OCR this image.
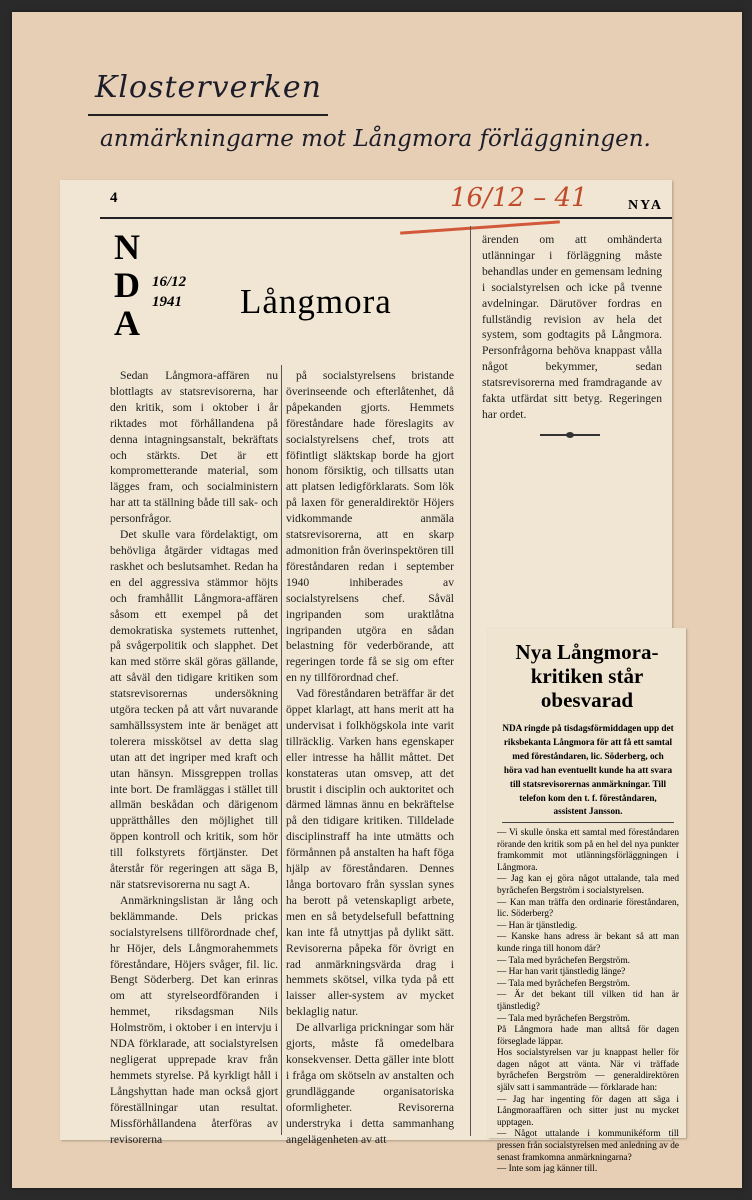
Klosterverken
anmärkningarne mot Långmora förläggningen.
16/12 – 41
4	NYA
N
D
A
16/12
1941 Långmora

Sedan Långmora-affären nu blottlagts av statsrevisorerna, har den kritik, som i oktober i år riktades mot förhållandena på denna intagningsanstalt, bekräftats och stärkts. Det är ett komprometterande material, som lägges fram, och socialministern har att ta ställning både till sak- och personfrågor.

Det skulle vara fördelaktigt, om behövliga åtgärder vidtagas med raskhet och beslutsamhet. Redan ha en del aggressiva stämmor höjts och framhållit Långmora-affären såsom ett exempel på det demokratiska systemets ruttenhet, på svågerpolitik och slapphet. Det kan med större skäl göras gällande, att såväl den tidigare kritiken som statsrevisorernas undersökning utgöra tecken på att vårt nuvarande samhällssystem inte är benäget att tolerera misskötsel av detta slag utan att det ingriper med kraft och utan hänsyn. Missgreppen trollas inte bort. De framläggas i stället till allmän beskådan och därigenom upprätthålles den möjlighet till öppen kontroll och kritik, som hör till folkstyrets förtjänster. Det återstår för regeringen att säga B, när statsrevisorerna nu sagt A.

Anmärkningslistan är lång och beklämmande. Dels prickas socialstyrelsens tillförordnade chef, hr Höjer, dels Långmorahemmets föreståndare, Höjers svåger, fil. lic. Bengt Söderberg. Det kan erinras om att styrelseordföranden i hemmet, riksdagsman Nils Holmström, i oktober i en intervju i NDA förklarade, att socialstyrelsen negligerat upprepade krav från hemmets styrelse. På kyrkligt håll i Långshyttan hade man också gjort föreställningar utan resultat. Missförhållandena återföras av revisorerna

på socialstyrelsens bristande överinseende och efterlåtenhet, då påpekanden gjorts. Hemmets föreståndare hade föreslagits av socialstyrelsens chef, trots att föfintligt släktskap borde ha gjort honom försiktig, och tillsatts utan att platsen ledigförklarats. Som lök på laxen för generaldirektör Höjers vidkommande anmäla statsrevisorerna, att en skarp admonition från överinspektören till föreståndaren redan i september 1940 inhiberades av socialstyrelsens chef. Såväl ingripanden som uraktlåtna ingripanden utgöra en sådan belastning för vederbörande, att regeringen torde få se sig om efter en ny tillförordnad chef.

Vad föreståndaren beträffar är det öppet klarlagt, att hans merit att ha undervisat i folkhögskola inte varit tillräcklig. Varken hans egenskaper eller intresse ha hållit måttet. Det konstateras utan omsvep, att det brustit i disciplin och auktoritet och därmed lämnas ännu en bekräftelse på den tidigare kritiken. Tilldelade disciplinstraff ha inte utmätts och förmånnen på anstalten ha haft föga hjälp av föreståndaren. Dennes långa bortovaro från sysslan synes ha berott på vetenskapligt arbete, men en så betydelsefull befattning kan inte få utnyttjas på dylikt sätt. Revisorerna påpeka för övrigt en rad anmärkningsvärda drag i hemmets skötsel, vilka tyda på ett laisser aller-system av mycket beklaglig natur.

De allvarliga prickningar som här gjorts, måste få omedelbara konsekvenser. Detta gäller inte blott i fråga om skötseln av anstalten och grundläggande organisatoriska oformligheter. Revisorerna understryka i detta sammanhang angelägenheten av att

ärenden om att omhänderta utlänningar i förläggning måste behandlas under en gemensam ledning i socialstyrelsen och icke på tvenne avdelningar. Därutöver fordras en fullständig revision av hela det system, som godtagits på Långmora. Personfrågorna behöva knappast vålla något bekymmer, sedan statsrevisorerna med framdragande av fakta utfärdat sitt betyg. Regeringen har ordet.

Nya Långmora-kritiken står obesvarad
NDA ringde på tisdagsförmiddagen upp det riksbekanta Långmora för att få ett samtal med föreståndaren, lic. Söderberg, och höra vad han eventuellt kunde ha att svara till statsrevisorernas anmärkningar. Till telefon kom den t. f. föreståndaren, assistent Jansson.

— Vi skulle önska ett samtal med föreståndaren rörande den kritik som på en hel del nya punkter framkommit mot utlänningsförläggningen i Långmora.

— Jag kan ej göra något uttalande, tala med byråchefen Bergström i socialstyrelsen.

— Kan man träffa den ordinarie föreståndaren, lic. Söderberg?

— Han är tjänstledig.

— Kanske hans adress är bekant så att man kunde ringa till honom där?

— Tala med byråchefen Bergström.

— Har han varit tjänstledig länge?

— Tala med byråchefen Bergström.

— Är det bekant till vilken tid han är tjänstledig?

— Tala med byråchefen Bergström.

På Långmora hade man alltså för dagen förseglade läppar.

Hos socialstyrelsen var ju knappast heller för dagen något att vänta. När vi träffade byråchefen Bergström — generaldirektören själv satt i sammanträde — förklarade han:

— Jag har ingenting för dagen att säga i Långmoraaffären och sitter just nu mycket upptagen.

— Något uttalande i kommunikéform till pressen från socialstyrelsen med anledning av de senast framkomna anmärkningarna?

— Inte som jag känner till.
